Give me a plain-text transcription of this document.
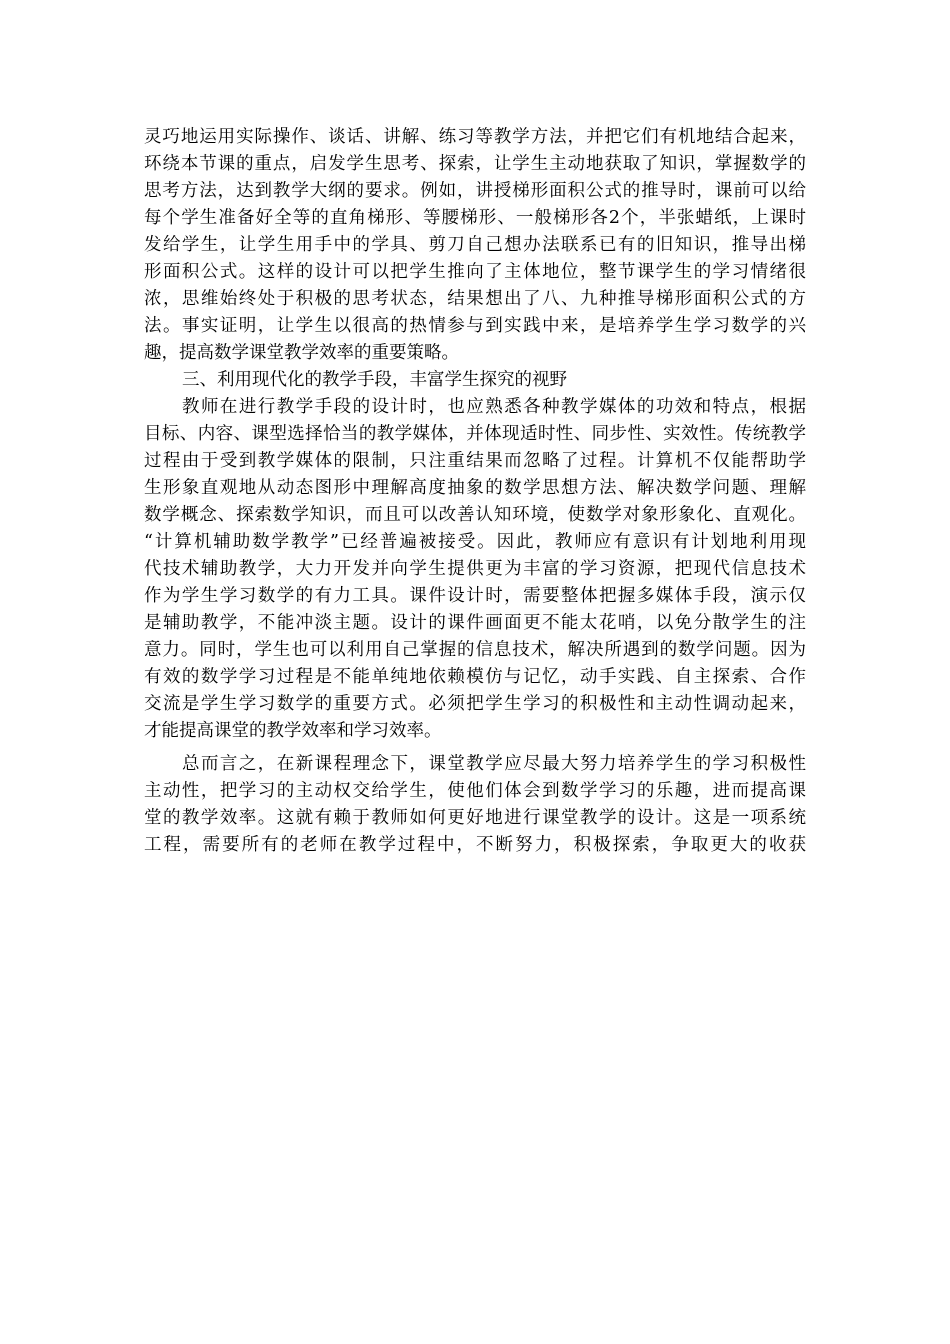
灵巧地运用实际操作、谈话、讲解、练习等教学方法，并把它们有机地结合起来，
环绕本节课的重点，启发学生思考、探索，让学生主动地获取了知识，掌握数学的
思考方法，达到教学大纲的要求。例如，讲授梯形面积公式的推导时，课前可以给
每个学生准备好全等的直角梯形、等腰梯形、一般梯形各2个，半张蜡纸，上课时
发给学生，让学生用手中的学具、剪刀自己想办法联系已有的旧知识，推导出梯
形面积公式。这样的设计可以把学生推向了主体地位，整节课学生的学习情绪很
浓，思维始终处于积极的思考状态，结果想出了八、九种推导梯形面积公式的方
法。事实证明，让学生以很高的热情参与到实践中来，是培养学生学习数学的兴
趣，提高数学课堂教学效率的重要策略。
三、利用现代化的教学手段，丰富学生探究的视野
教师在进行教学手段的设计时，也应熟悉各种教学媒体的功效和特点，根据
目标、内容、课型选择恰当的教学媒体，并体现适时性、同步性、实效性。传统教学
过程由于受到教学媒体的限制，只注重结果而忽略了过程。计算机不仅能帮助学
生形象直观地从动态图形中理解高度抽象的数学思想方法、解决数学问题、理解
数学概念、探索数学知识，而且可以改善认知环境，使数学对象形象化、直观化。
“计算机辅助数学教学”已经普遍被接受。因此，教师应有意识有计划地利用现
代技术辅助教学，大力开发并向学生提供更为丰富的学习资源，把现代信息技术
作为学生学习数学的有力工具。课件设计时，需要整体把握多媒体手段，演示仅
是辅助教学，不能冲淡主题。设计的课件画面更不能太花哨，以免分散学生的注
意力。同时，学生也可以利用自己掌握的信息技术，解决所遇到的数学问题。因为
有效的数学学习过程是不能单纯地依赖模仿与记忆，动手实践、自主探索、合作
交流是学生学习数学的重要方式。必须把学生学习的积极性和主动性调动起来，
才能提高课堂的教学效率和学习效率。
总而言之，在新课程理念下，课堂教学应尽最大努力培养学生的学习积极性
主动性，把学习的主动权交给学生，使他们体会到数学学习的乐趣，进而提高课
堂的教学效率。这就有赖于教师如何更好地进行课堂教学的设计。这是一项系统
工程，需要所有的老师在教学过程中，不断努力，积极探索，争取更大的收获
